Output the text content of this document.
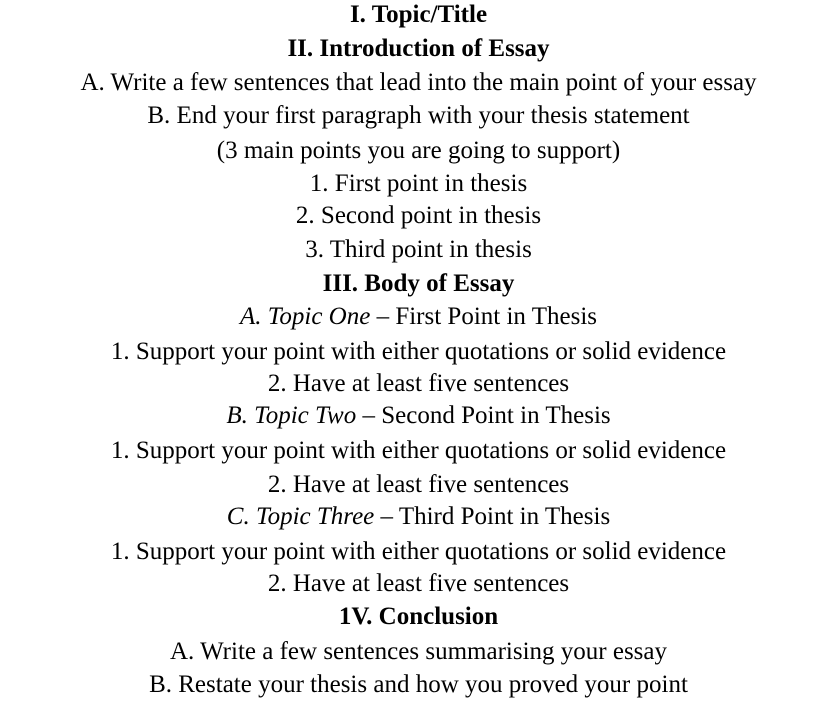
I. Topic/Title
II. Introduction of Essay
A. Write a few sentences that lead into the main point of your essay
B. End your first paragraph with your thesis statement
(3 main points you are going to support)
1. First point in thesis
2. Second point in thesis
3. Third point in thesis
III. Body of Essay
A. Topic One – First Point in Thesis
1. Support your point with either quotations or solid evidence
2. Have at least five sentences
B. Topic Two – Second Point in Thesis
1. Support your point with either quotations or solid evidence
2. Have at least five sentences
C. Topic Three – Third Point in Thesis
1. Support your point with either quotations or solid evidence
2. Have at least five sentences
1V. Conclusion
A. Write a few sentences summarising your essay
B. Restate your thesis and how you proved your point
